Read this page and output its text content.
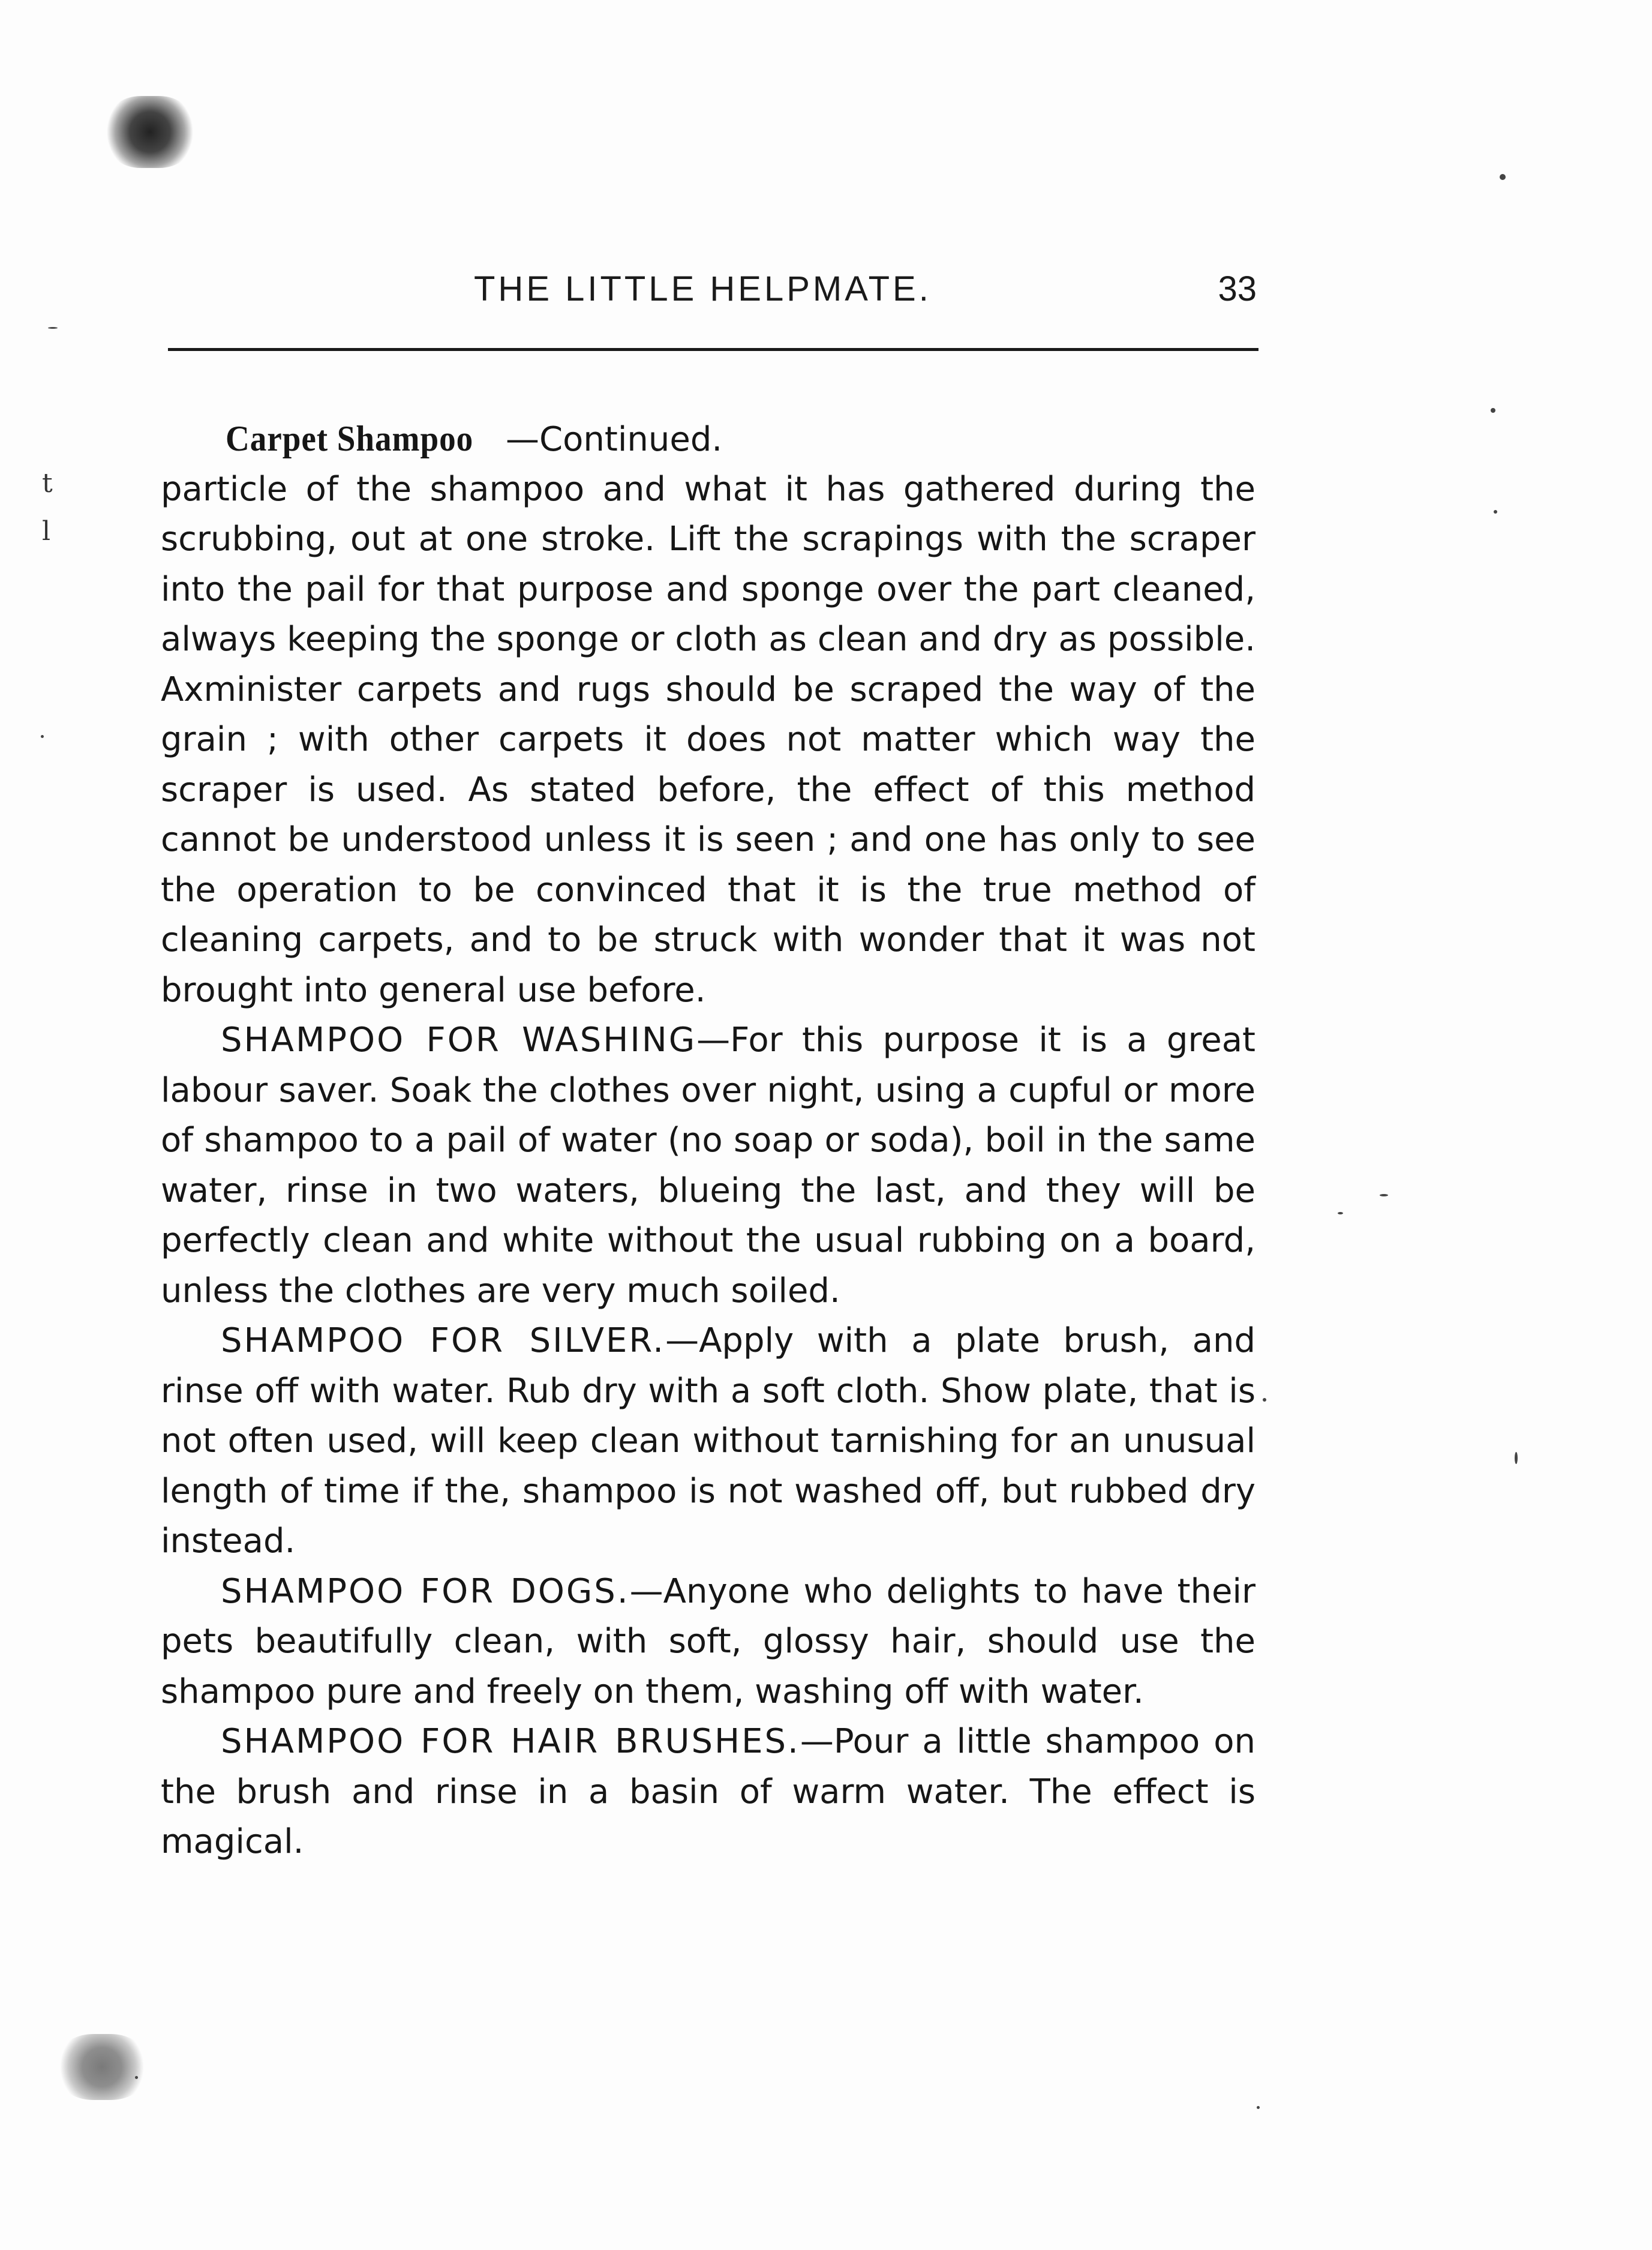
t
l
THE LITTLE HELPMATE.	33
Carpet Shampoo —Continued.

particle of the shampoo and what it has gathered during the scrubbing, out at one stroke. Lift the scrapings with the scraper into the pail for that purpose and sponge over the part cleaned, always keeping the sponge or cloth as clean and dry as possible. Axminister carpets and rugs should be scraped the way of the grain ; with other carpets it does not matter which way the scraper is used. As stated before, the effect of this method cannot be understood unless it is seen ; and one has only to see the operation to be convinced that it is the true method of cleaning carpets, and to be struck with wonder that it was not brought into general use before.

SHAMPOO FOR WASHING—For this purpose it is a great labour saver. Soak the clothes over night, using a cupful or more of shampoo to a pail of water (no soap or soda), boil in the same water, rinse in two waters, blueing the last, and they will be perfectly clean and white without the usual rubbing on a board, unless the clothes are very much soiled.

SHAMPOO FOR SILVER.—Apply with a plate brush, and rinse off with water. Rub dry with a soft cloth. Show plate, that is not often used, will keep clean without tarnishing for an unusual length of time if the, shampoo is not washed off, but rubbed dry instead.

SHAMPOO FOR DOGS.—Anyone who delights to have their pets beautifully clean, with soft, glossy hair, should use the shampoo pure and freely on them, washing off with water.

SHAMPOO FOR HAIR BRUSHES.—Pour a little shampoo on the brush and rinse in a basin of warm water. The effect is magical.
